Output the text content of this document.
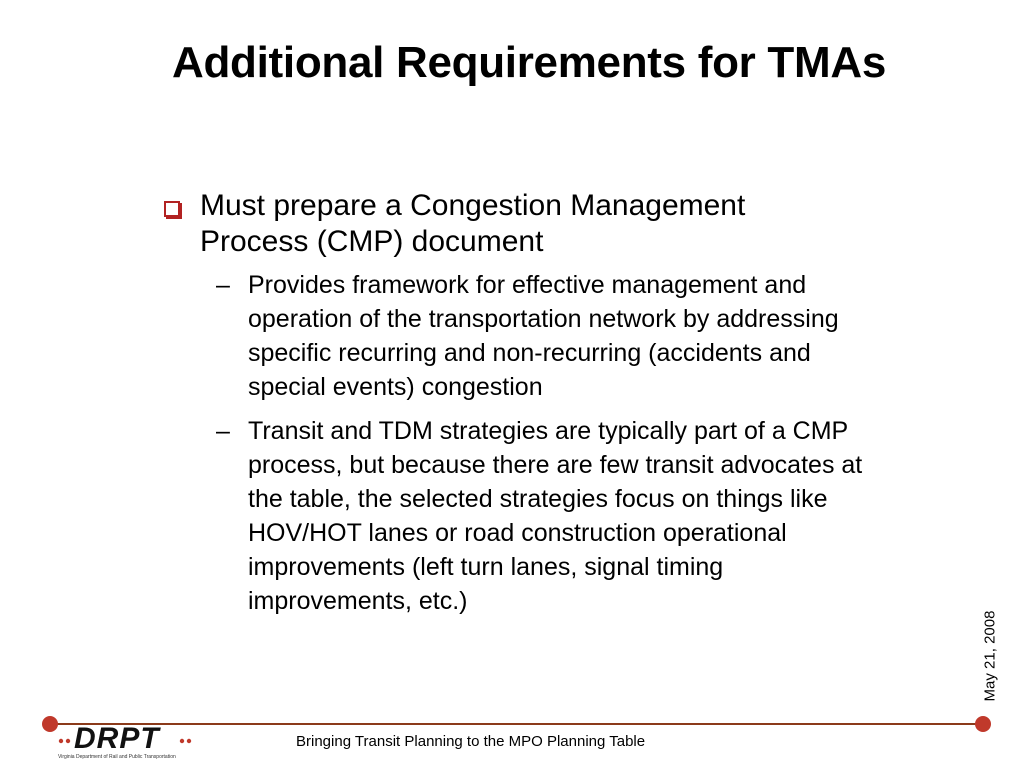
Additional Requirements for TMAs
Must prepare a Congestion Management Process (CMP) document
– Provides framework for effective management and operation of the transportation network by addressing specific recurring and non-recurring (accidents and special events) congestion
– Transit and TDM strategies are typically part of a CMP process, but because there are few transit advocates at the table, the selected strategies focus on things like HOV/HOT lanes or road construction operational improvements (left turn lanes, signal timing improvements, etc.)
May 21, 2008
DRPT
Virginia Department of Rail and Public Transportation
Bringing Transit Planning to the MPO Planning Table
